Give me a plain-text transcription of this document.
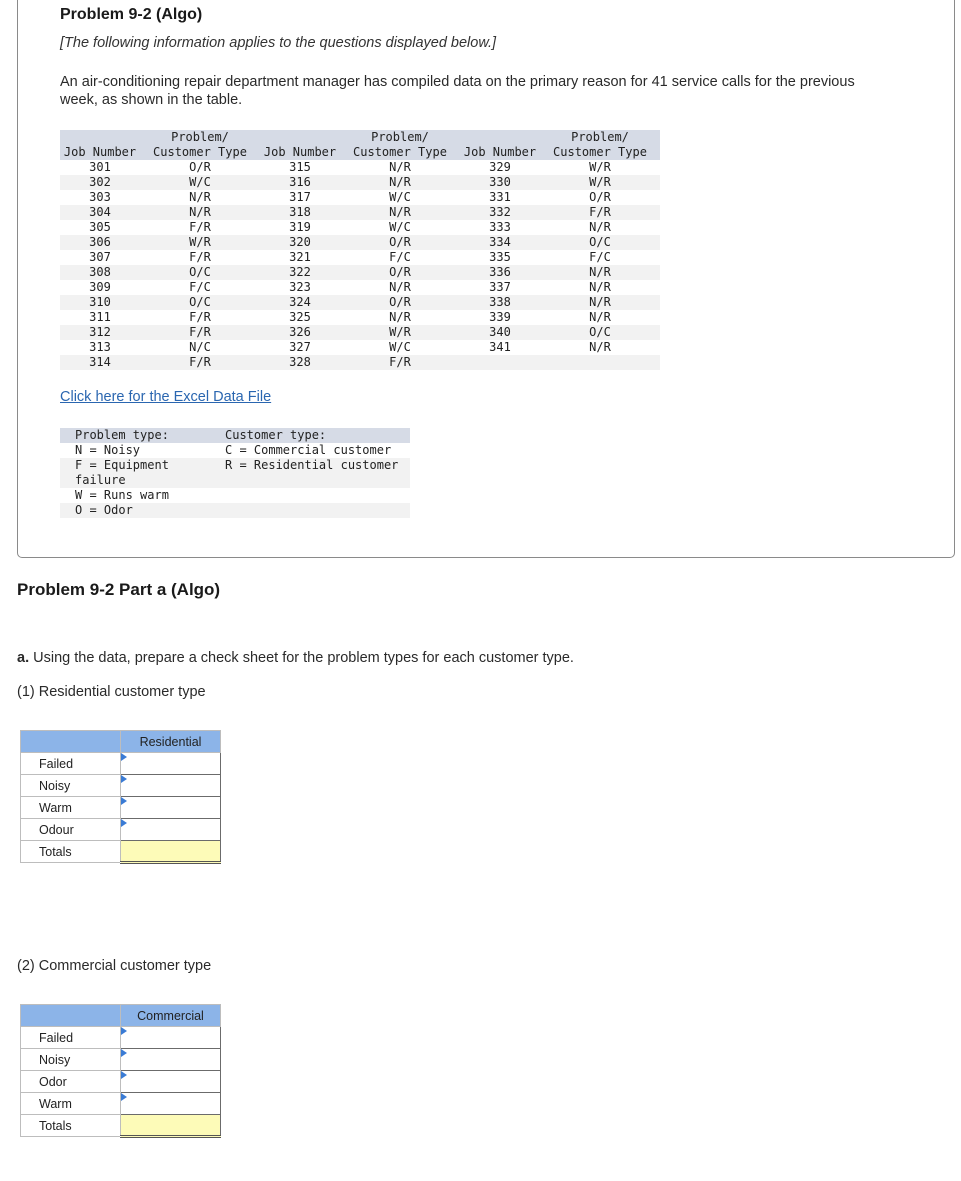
Problem 9-2 (Algo)

[The following information applies to the questions displayed below.]

An air-conditioning repair department manager has compiled data on the primary reason for 41 service calls for the previous week, as shown in the table.

	Problem/		Problem/		Problem/
Job Number	Customer Type	Job Number	Customer Type	Job Number	Customer Type
301	O/R	315	N/R	329	W/R
302	W/C	316	N/R	330	W/R
303	N/R	317	W/C	331	O/R
304	N/R	318	N/R	332	F/R
305	F/R	319	W/C	333	N/R
306	W/R	320	O/R	334	O/C
307	F/R	321	F/C	335	F/C
308	O/C	322	O/R	336	N/R
309	F/C	323	N/R	337	N/R
310	O/C	324	O/R	338	N/R
311	F/R	325	N/R	339	N/R
312	F/R	326	W/R	340	O/C
313	N/C	327	W/C	341	N/R
314	F/R	328	F/R		
Click here for the Excel Data File
Problem type:	Customer type:
N = Noisy	C = Commercial customer
F = Equipment failure	R = Residential customer
W = Runs warm	
O = Odor	
Problem 9-2 Part a (Algo)

a. Using the data, prepare a check sheet for the problem types for each customer type.

(1) Residential customer type

	Residential
Failed	

Noisy	

Warm	

Odour	

Totals	

(2) Commercial customer type

	Commercial
Failed	

Noisy	

Odor	

Warm	

Totals	
